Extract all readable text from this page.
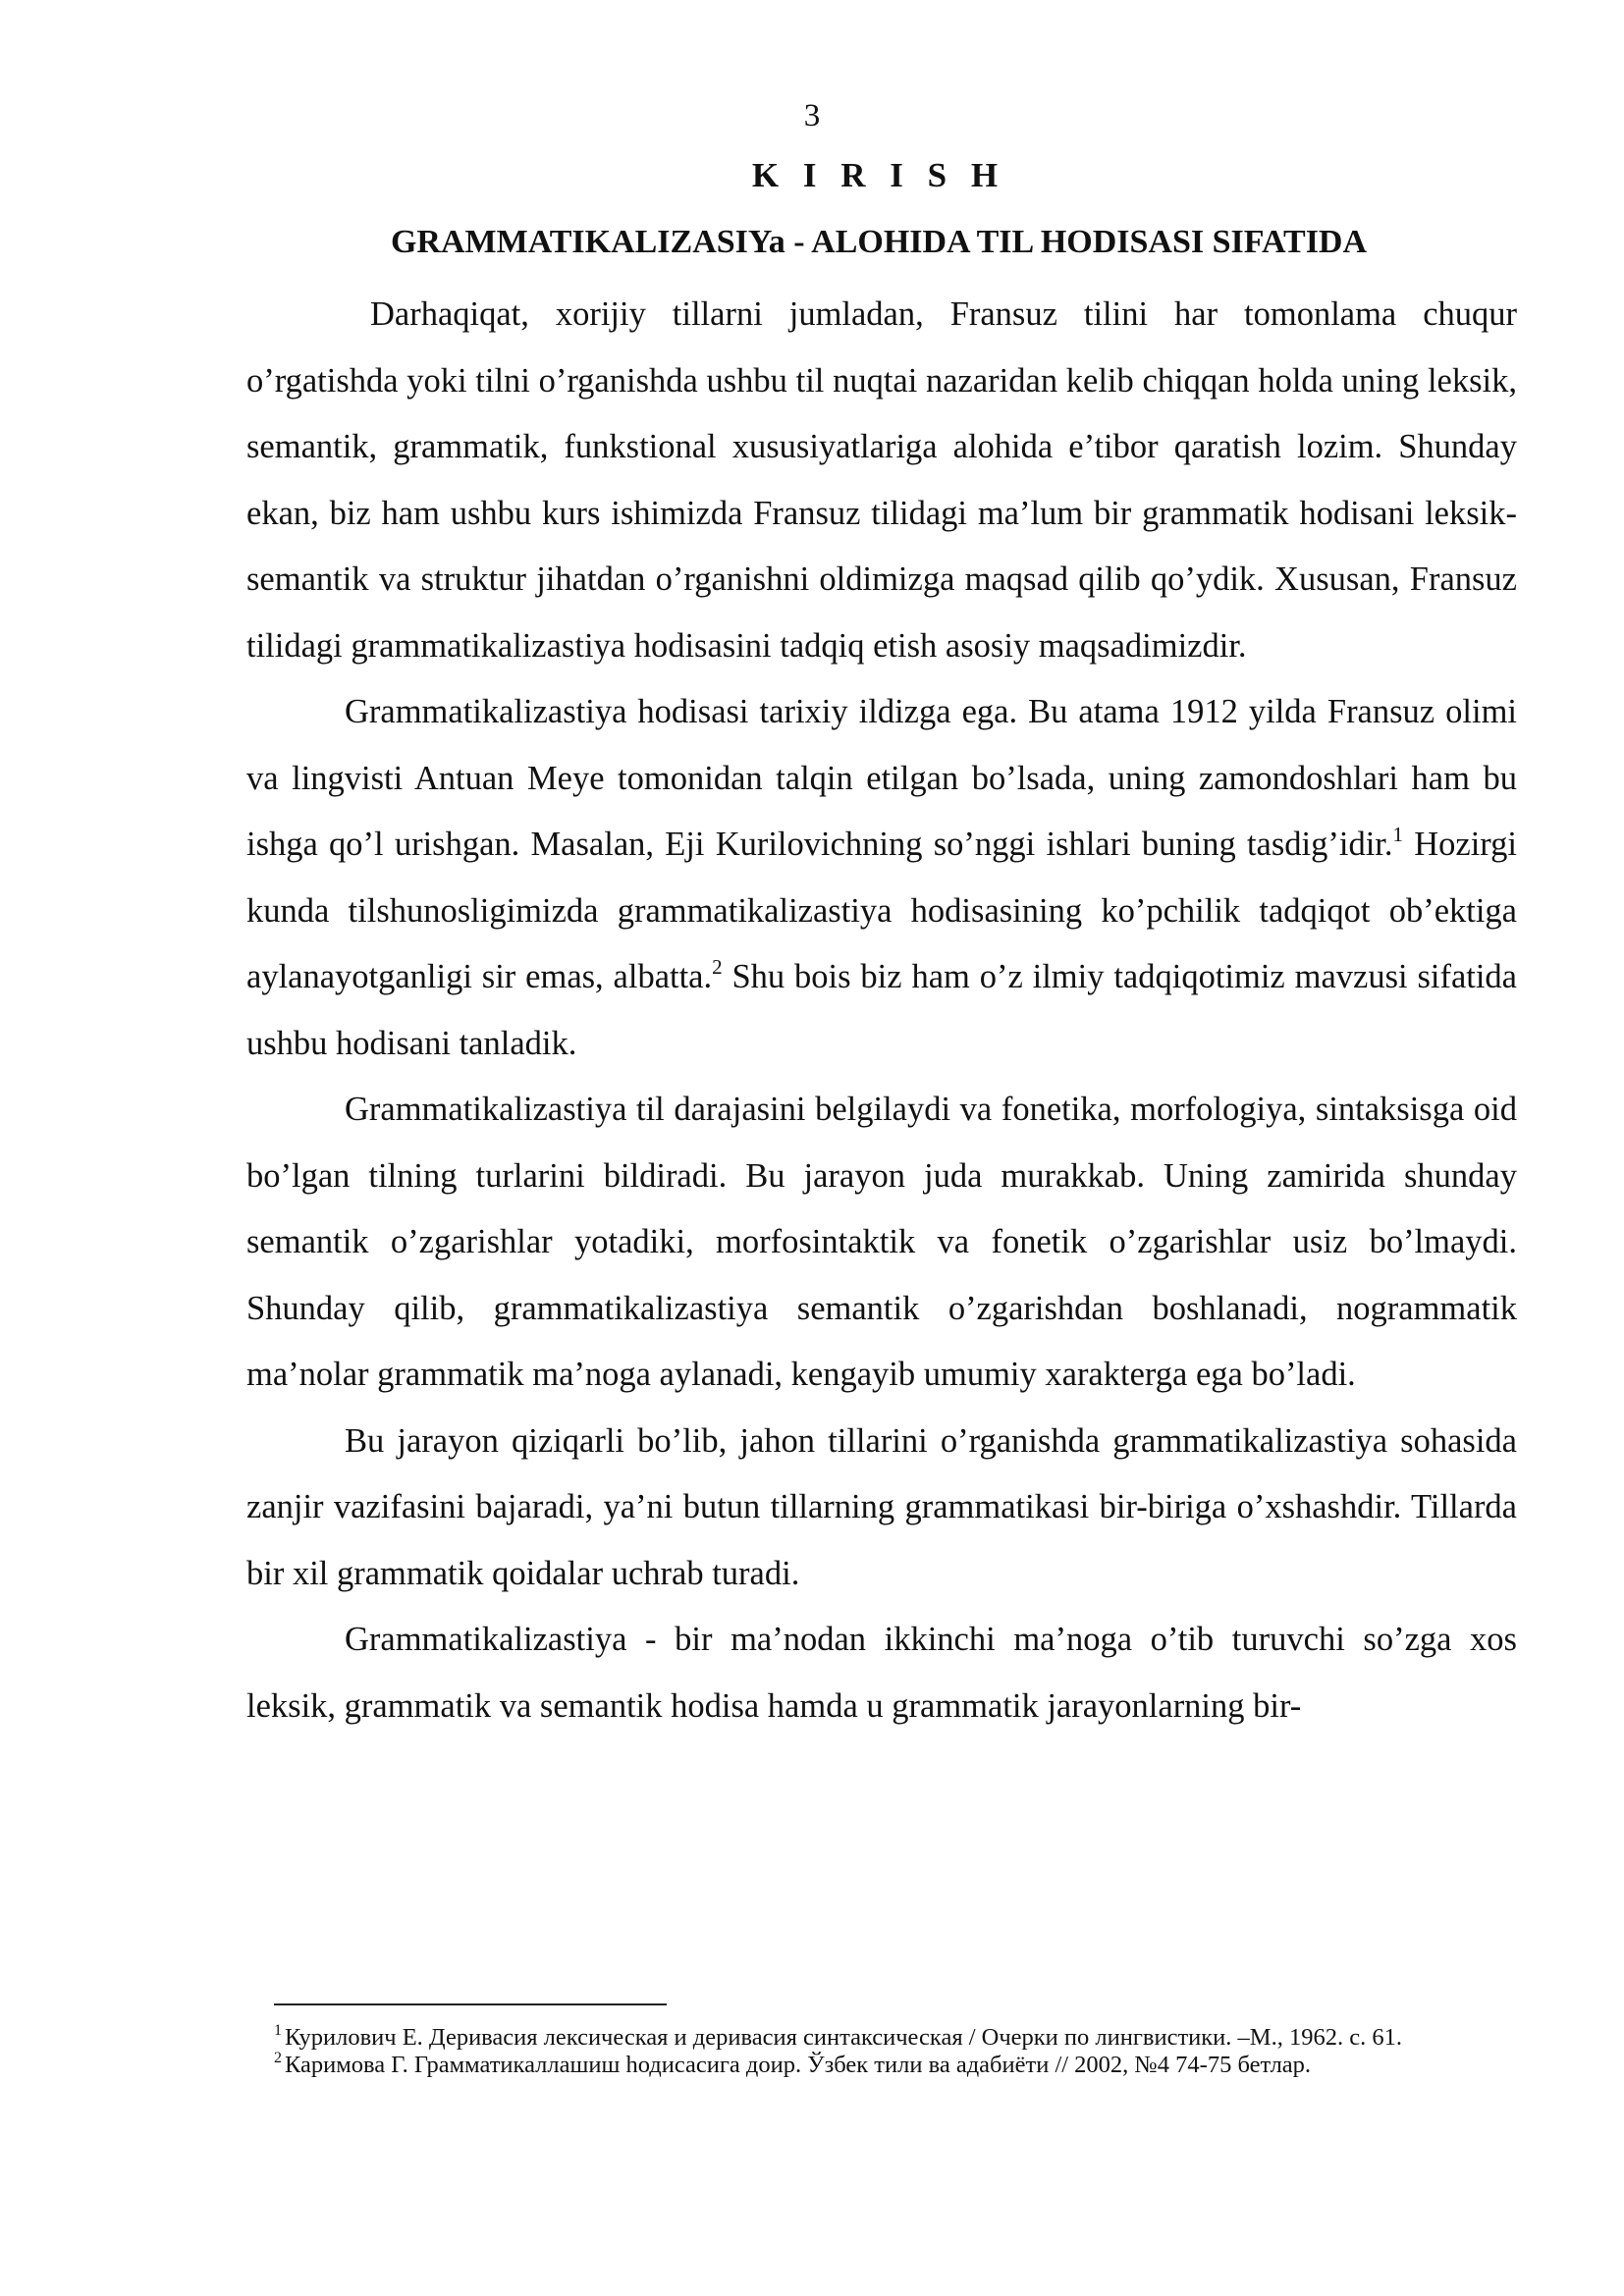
3
K I R I S H
GRAMMATIKALIZASIYa - ALOHIDA TIL HODISASI SIFATIDA

Darhaqiqat, xorijiy tillarni jumladan, Fransuz tilini har tomonlama chuqur o’rgatishda yoki tilni o’rganishda ushbu til nuqtai nazaridan kelib chiqqan holda uning leksik, semantik, grammatik, funkstional xususiyatlariga alohida e’tibor qaratish lozim. Shunday ekan, biz ham ushbu kurs ishimizda Fransuz tilidagi ma’lum bir grammatik hodisani leksik-semantik va struktur jihatdan o’rganishni oldimizga maqsad qilib qo’ydik. Xususan, Fransuz tilidagi grammatikalizastiya hodisasini tadqiq etish asosiy maqsadimizdir.

Grammatikalizastiya hodisasi tarixiy ildizga ega. Bu atama 1912 yilda Fransuz olimi va lingvisti Antuan Meye tomonidan talqin etilgan bo’lsada, uning zamondoshlari ham bu ishga qo’l urishgan. Masalan, Eji Kurilovichning so’nggi ishlari buning tasdig’idir.$^1$ Hozirgi kunda tilshunosligimizda grammatikalizastiya hodisasining ko’pchilik tadqiqot ob’ektiga aylanayotganligi sir emas, albatta.$^2$ Shu bois biz ham o’z ilmiy tadqiqotimiz mavzusi sifatida ushbu hodisani tanladik.

Grammatikalizastiya til darajasini belgilaydi va fonetika, morfologiya, sintaksisga oid bo’lgan tilning turlarini bildiradi. Bu jarayon juda murakkab. Uning zamirida shunday semantik o’zgarishlar yotadiki, morfosintaktik va fonetik o’zgarishlar usiz bo’lmaydi. Shunday qilib, grammatikalizastiya semantik o’zgarishdan boshlanadi, nogrammatik ma’nolar grammatik ma’noga aylanadi, kengayib umumiy xarakterga ega bo’ladi.

Bu jarayon qiziqarli bo’lib, jahon tillarini o’rganishda grammatikalizastiya sohasida zanjir vazifasini bajaradi, ya’ni butun tillarning grammatikasi bir-biriga o’xshashdir. Tillarda bir xil grammatik qoidalar uchrab turadi.

Grammatikalizastiya - bir ma’nodan ikkinchi ma’noga o’tib turuvchi so’zga xos leksik, grammatik va semantik hodisa hamda u grammatik jarayonlarning bir-

$^1$ Курилович Е. Деривасия лексическая и деривасия синтаксическая / Очерки по лингвистики. –М., 1962. с. 61.

$^2$ Каримова Г. Грамматикаллашиш hодисасига доир. Ўзбек тили ва адабиёти // 2002, №4 74-75 бетлар.
